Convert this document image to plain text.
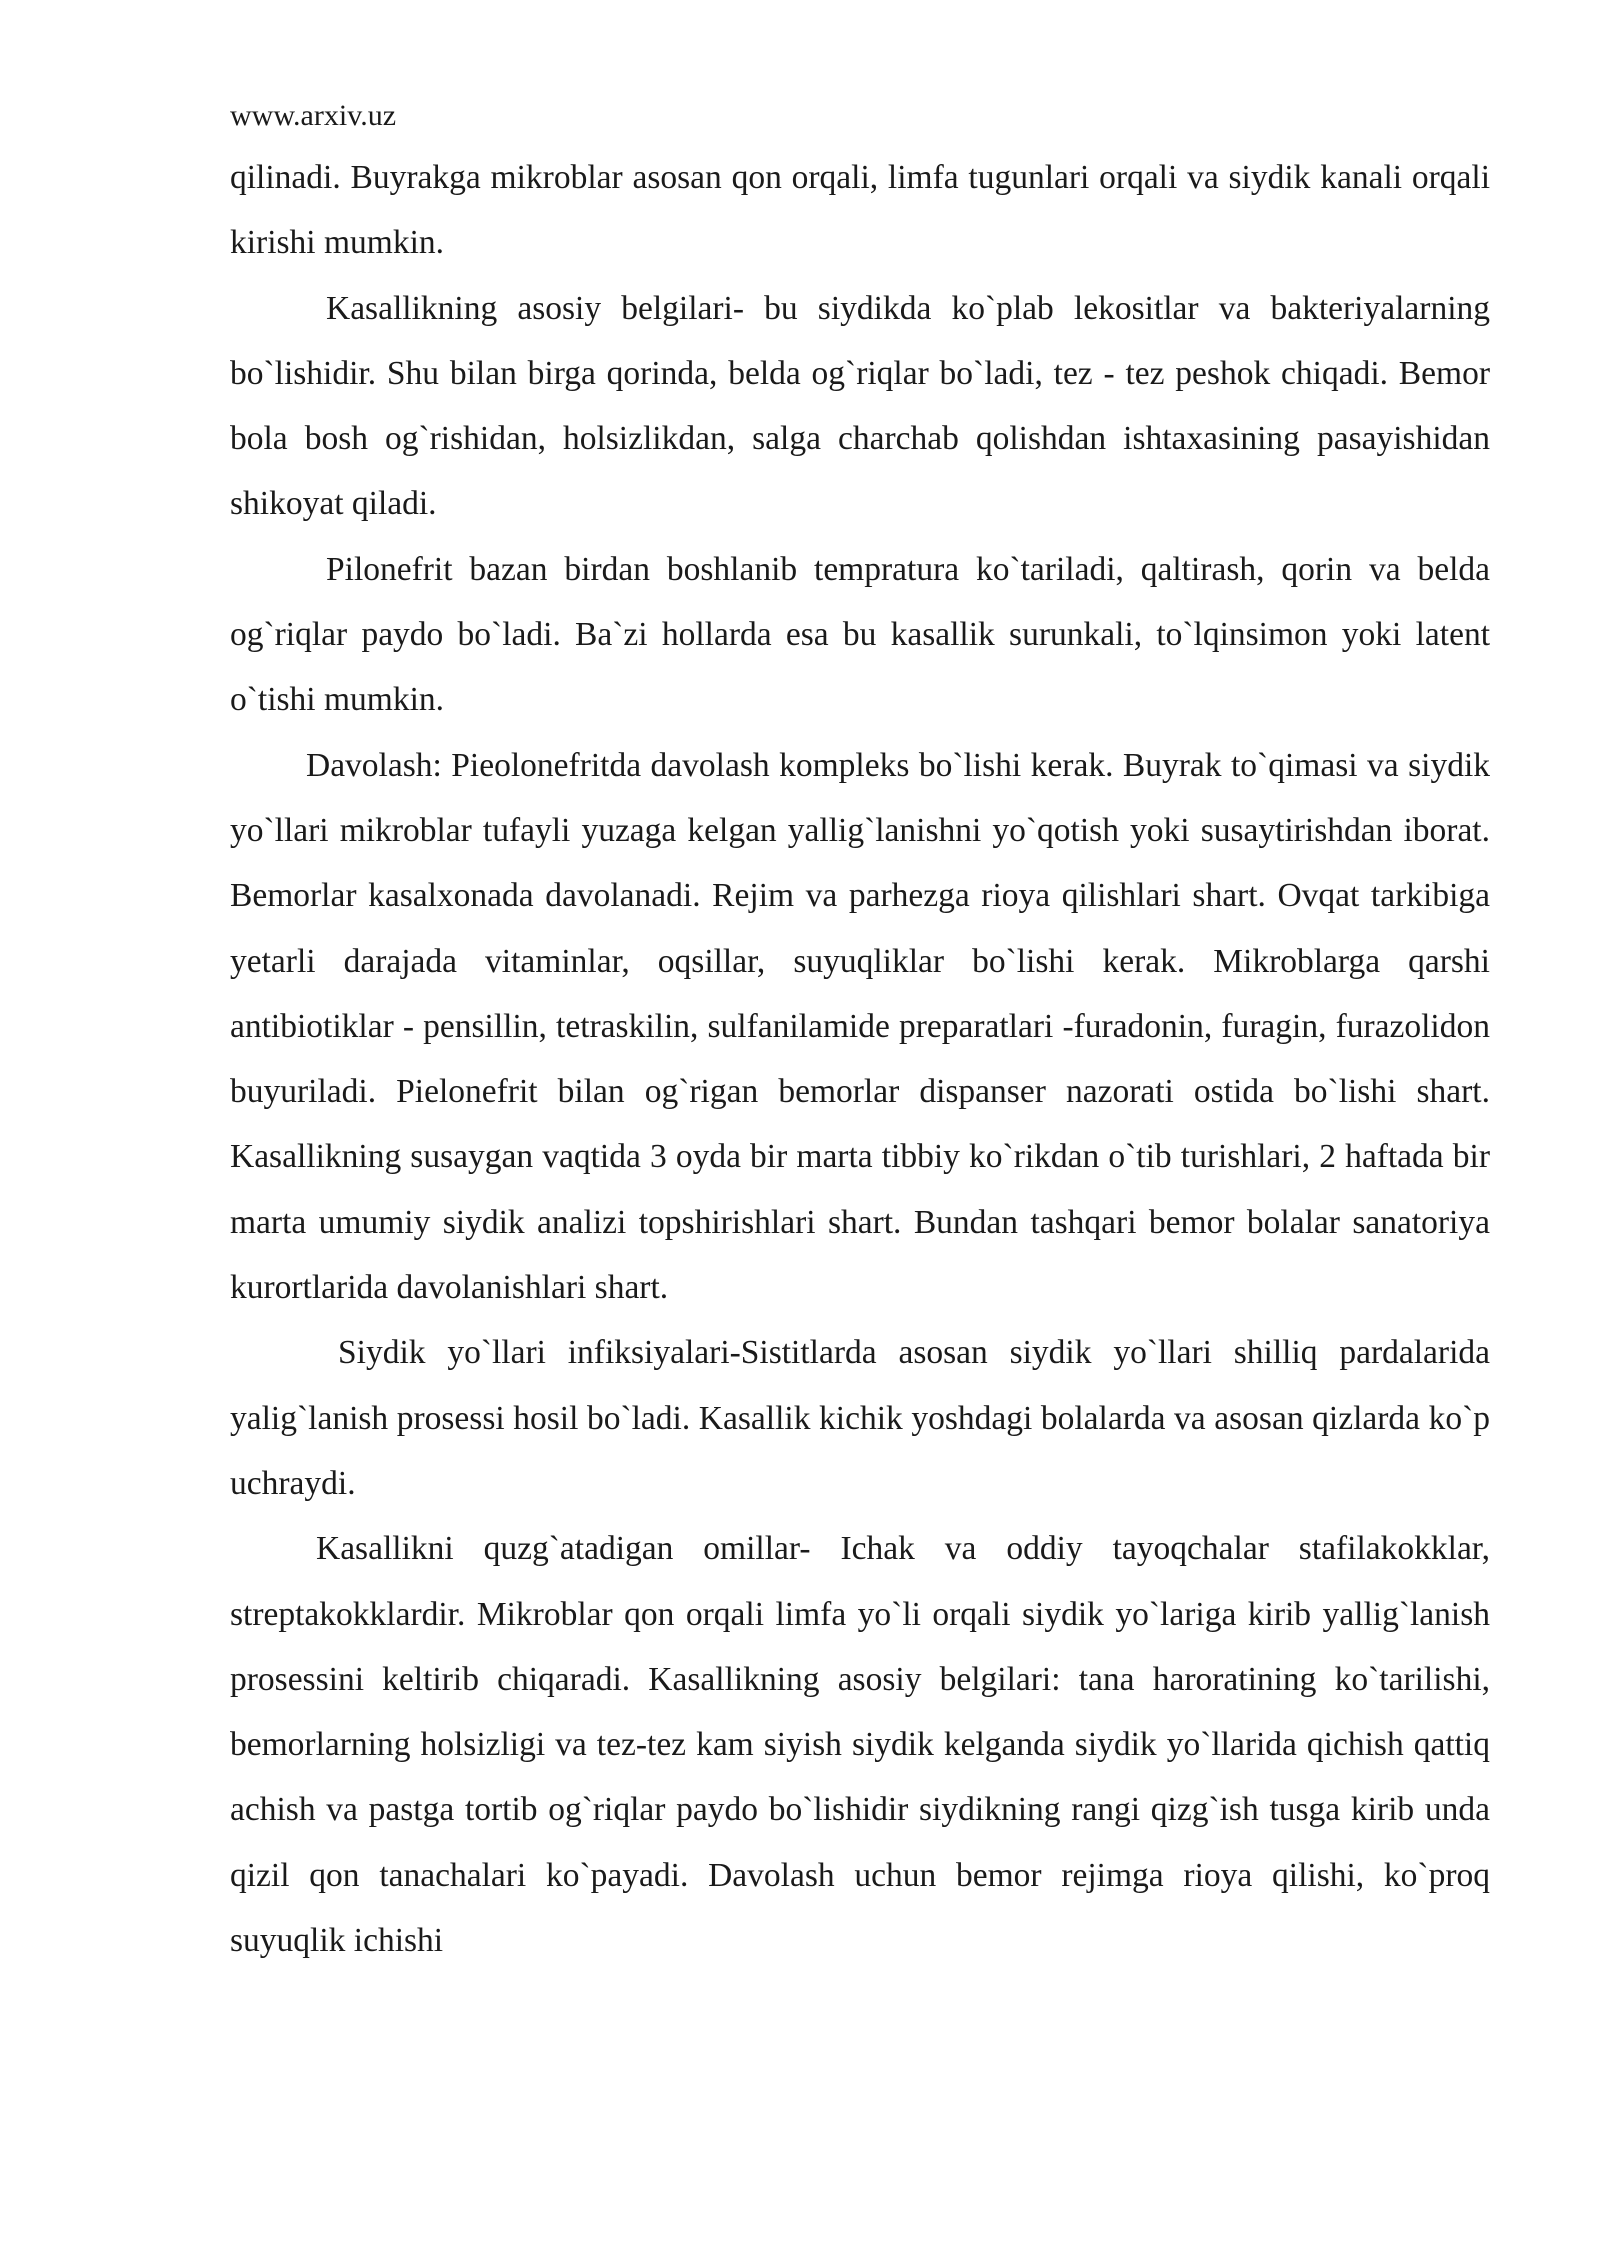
www.arxiv.uz

qilinadi. Buyrakga mikroblar asosan qon orqali, limfa tugunlari orqali va siydik kanali orqali kirishi mumkin.

Kasallikning asosiy belgilari- bu siydikda ko`plab lekositlar va bakteriyalarning bo`lishidir. Shu bilan birga qorinda, belda og`riqlar bo`ladi, tez - tez peshok chiqadi. Bemor bola bosh og`rishidan, holsizlikdan, salga charchab qolishdan ishtaxasining pasayishidan shikoyat qiladi.

Pilonefrit bazan birdan boshlanib tempratura ko`tariladi, qaltirash, qorin va belda og`riqlar paydo bo`ladi. Ba`zi hollarda esa bu kasallik surunkali, to`lqinsimon yoki latent o`tishi mumkin.

Davolash: Pieolonefritda davolash kompleks bo`lishi kerak. Buyrak to`qimasi va siydik yo`llari mikroblar tufayli yuzaga kelgan yallig`lanishni yo`qotish yoki susaytirishdan iborat. Bemorlar kasalxonada davolanadi. Rejim va parhezga rioya qilishlari shart. Ovqat tarkibiga yetarli darajada vitaminlar, oqsillar, suyuqliklar bo`lishi kerak. Mikroblarga qarshi antibiotiklar - pensillin, tetraskilin, sulfanilamide preparatlari -furadonin, furagin, furazolidon buyuriladi. Pielonefrit bilan og`rigan bemorlar dispanser nazorati ostida bo`lishi shart. Kasallikning susaygan vaqtida 3 oyda bir marta tibbiy ko`rikdan o`tib turishlari, 2 haftada bir marta umumiy siydik analizi topshirishlari shart. Bundan tashqari bemor bolalar sanatoriya kurortlarida davolanishlari shart.

Siydik yo`llari infiksiyalari-Sistitlarda asosan siydik yo`llari shilliq pardalarida yalig`lanish prosessi hosil bo`ladi. Kasallik kichik yoshdagi bolalarda va asosan qizlarda ko`p uchraydi.

Kasallikni quzg`atadigan omillar- Ichak va oddiy tayoqchalar stafilakokklar, streptakokklardir. Mikroblar qon orqali limfa yo`li orqali siydik yo`lariga kirib yallig`lanish prosessini keltirib chiqaradi. Kasallikning asosiy belgilari: tana haroratining ko`tarilishi, bemorlarning holsizligi va tez-tez kam siyish siydik kelganda siydik yo`llarida qichish qattiq achish va pastga tortib og`riqlar paydo bo`lishidir siydikning rangi qizg`ish tusga kirib unda qizil qon tanachalari ko`payadi. Davolash uchun bemor rejimga rioya qilishi, ko`proq suyuqlik ichishi
